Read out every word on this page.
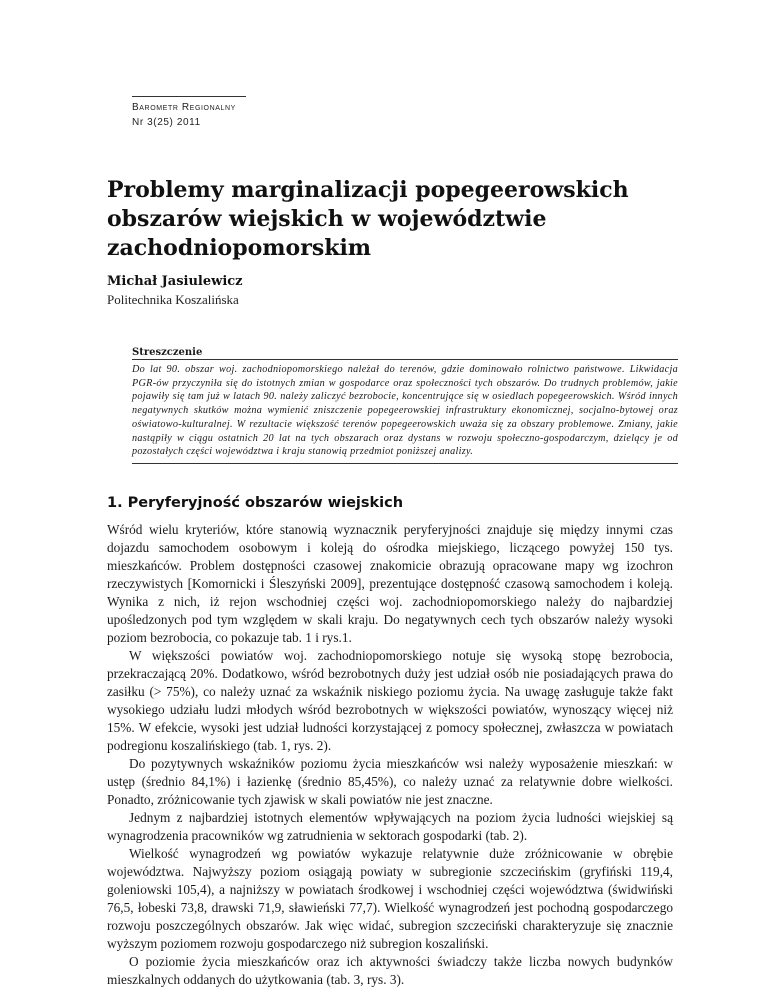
Barometr Regionalny
Nr 3(25) 2011
Problemy marginalizacji popegeerowskich obszarów wiejskich w województwie zachodniopomorskim
Michał Jasiulewicz
Politechnika Koszalińska
Streszczenie

Do lat 90. obszar woj. zachodniopomorskiego należał do terenów, gdzie dominowało rolnictwo państwowe. Likwidacja PGR-ów przyczyniła się do istotnych zmian w gospodarce oraz społeczności tych obszarów. Do trudnych problemów, jakie pojawiły się tam już w latach 90. należy zaliczyć bezrobocie, koncentrujące się w osiedlach popegeerowskich. Wśród innych negatywnych skutków można wymienić zniszczenie popegeerowskiej infrastruktury ekonomicznej, socjalno-bytowej oraz oświatowo-kulturalnej. W rezultacie większość terenów popegeerowskich uważa się za obszary problemowe. Zmiany, jakie nastąpiły w ciągu ostatnich 20 lat na tych obszarach oraz dystans w rozwoju społeczno-gospodarczym, dzielący je od pozostałych części województwa i kraju stanowią przedmiot poniższej analizy.

1. Peryferyjność obszarów wiejskich

Wśród wielu kryteriów, które stanowią wyznacznik peryferyjności znajduje się między innymi czas dojazdu samochodem osobowym i koleją do ośrodka miejskiego, liczącego powyżej 150 tys. mieszkańców. Problem dostępności czasowej znakomicie obrazują opracowane mapy wg izochron rzeczywistych [Komornicki i Śleszyński 2009], prezentujące dostępność czasową samochodem i koleją. Wynika z nich, iż rejon wschodniej części woj. zachodniopomorskiego należy do najbardziej upośledzonych pod tym względem w skali kraju. Do negatywnych cech tych obszarów należy wysoki poziom bezrobocia, co pokazuje tab. 1 i rys.1.

W większości powiatów woj. zachodniopomorskiego notuje się wysoką stopę bezrobocia, przekraczającą 20%. Dodatkowo, wśród bezrobotnych duży jest udział osób nie posiadających prawa do zasiłku (> 75%), co należy uznać za wskaźnik niskiego poziomu życia. Na uwagę zasługuje także fakt wysokiego udziału ludzi młodych wśród bezrobotnych w większości powiatów, wynoszący więcej niż 15%. W efekcie, wysoki jest udział ludności korzystającej z pomocy społecznej, zwłaszcza w powiatach podregionu koszalińskiego (tab. 1, rys. 2).

Do pozytywnych wskaźników poziomu życia mieszkańców wsi należy wyposażenie mieszkań: w ustęp (średnio 84,1%) i łazienkę (średnio 85,45%), co należy uznać za relatywnie dobre wielkości. Ponadto, zróżnicowanie tych zjawisk w skali powiatów nie jest znaczne.

Jednym z najbardziej istotnych elementów wpływających na poziom życia ludności wiejskiej są wynagrodzenia pracowników wg zatrudnienia w sektorach gospodarki (tab. 2).

Wielkość wynagrodzeń wg powiatów wykazuje relatywnie duże zróżnicowanie w obrębie województwa. Najwyższy poziom osiągają powiaty w subregionie szczecińskim (gryfiński 119,4, goleniowski 105,4), a najniższy w powiatach środkowej i wschodniej części województwa (świdwiński 76,5, łobeski 73,8, drawski 71,9, sławieński 77,7). Wielkość wynagrodzeń jest pochodną gospodarczego rozwoju poszczególnych obszarów. Jak więc widać, subregion szczeciński charakteryzuje się znacznie wyższym poziomem rozwoju gospodarczego niż subregion koszaliński.

O poziomie życia mieszkańców oraz ich aktywności świadczy także liczba nowych budynków mieszkalnych oddanych do użytkowania (tab. 3, rys. 3).
